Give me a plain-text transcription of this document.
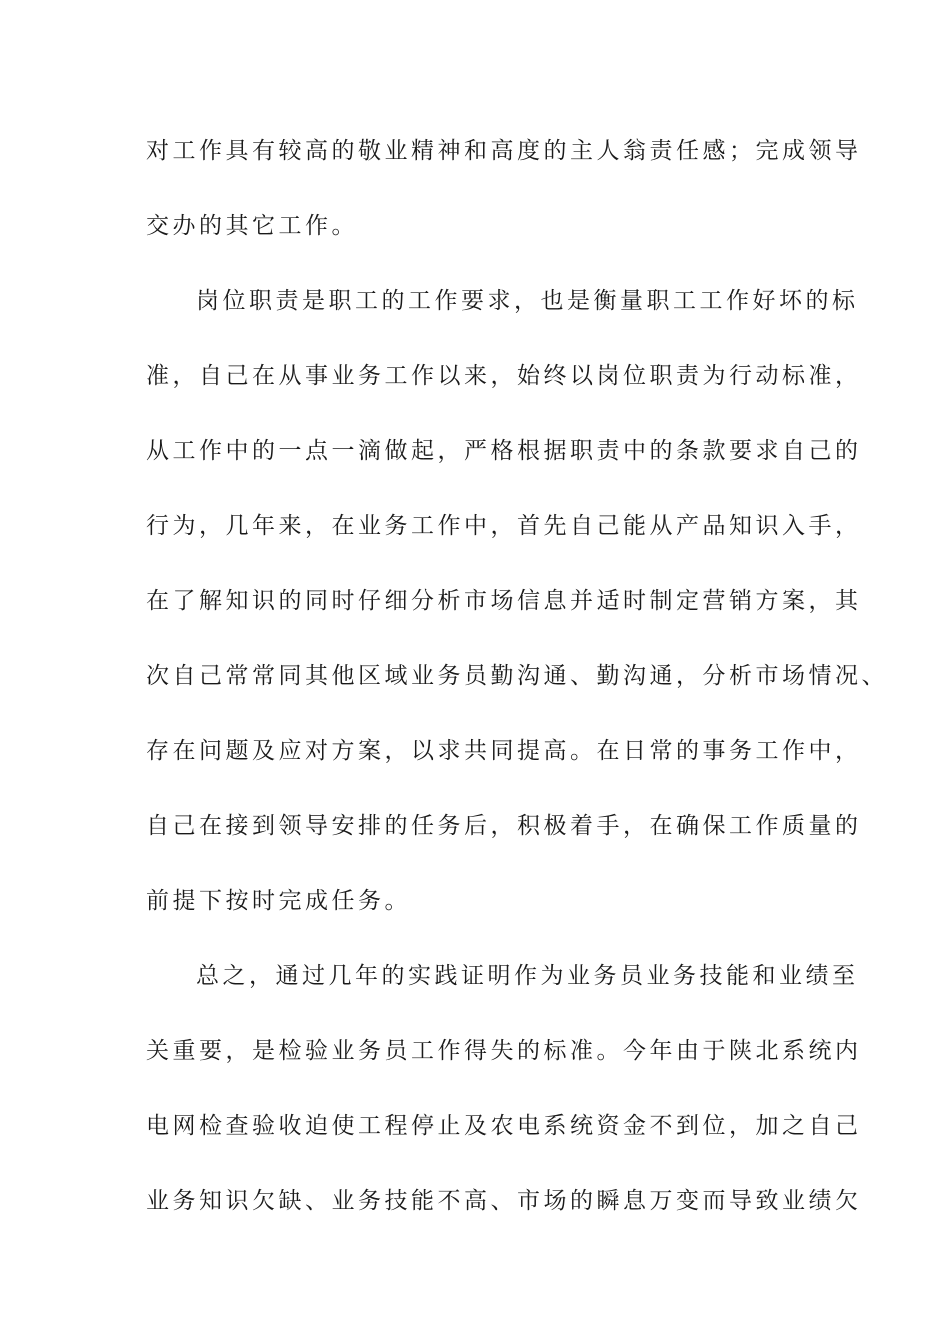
对工作具有较高的敬业精神和高度的主人翁责任感；完成领导
交办的其它工作。
岗位职责是职工的工作要求，也是衡量职工工作好坏的标
准，自己在从事业务工作以来，始终以岗位职责为行动标准，
从工作中的一点一滴做起，严格根据职责中的条款要求自己的
行为，几年来，在业务工作中，首先自己能从产品知识入手，
在了解知识的同时仔细分析市场信息并适时制定营销方案，其
次自己常常同其他区域业务员勤沟通、勤沟通，分析市场情况、
存在问题及应对方案，以求共同提高。在日常的事务工作中，
自己在接到领导安排的任务后，积极着手，在确保工作质量的
前提下按时完成任务。
总之，通过几年的实践证明作为业务员业务技能和业绩至
关重要，是检验业务员工作得失的标准。今年由于陕北系统内
电网检查验收迫使工程停止及农电系统资金不到位，加之自己
业务知识欠缺、业务技能不高、市场的瞬息万变而导致业绩欠
